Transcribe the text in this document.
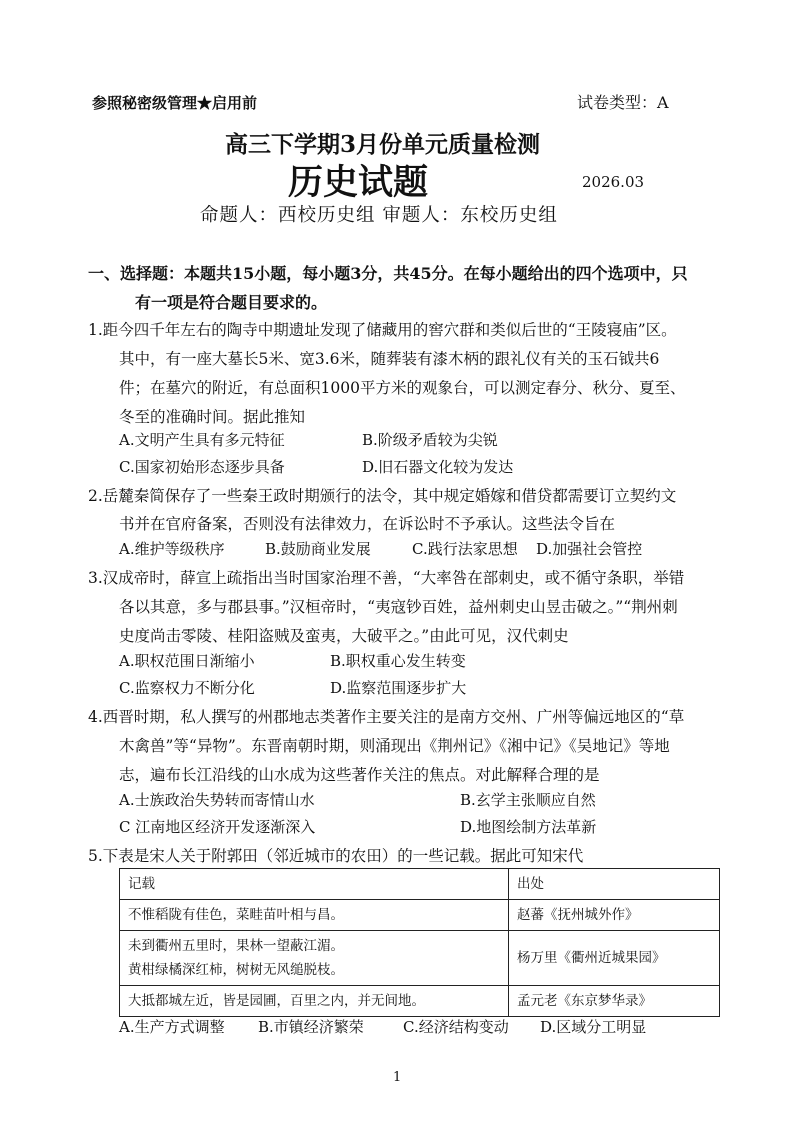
参照秘密级管理★启用前	试卷类型：A
高三下学期3月份单元质量检测
历史试题	2026.03
命题人：西校历史组 审题人：东校历史组
一、选择题：本题共15小题，每小题3分，共45分。在每小题给出的四个选项中，只
有一项是符合题目要求的。
1.距今四千年左右的陶寺中期遗址发现了储藏用的窖穴群和类似后世的“王陵寝庙”区。
其中，有一座大墓长5米、宽3.6米，随葬装有漆木柄的跟礼仪有关的玉石钺共6
件；在墓穴的附近，有总面积1000平方米的观象台，可以测定春分、秋分、夏至、
冬至的准确时间。据此推知
A.文明产生具有多元特征	B.阶级矛盾较为尖锐
C.国家初始形态逐步具备	D.旧石器文化较为发达
2.岳麓秦简保存了一些秦王政时期颁行的法令，其中规定婚嫁和借贷都需要订立契约文
书并在官府备案，否则没有法律效力，在诉讼时不予承认。这些法令旨在
A.维护等级秩序	B.鼓励商业发展	C.践行法家思想 D.加强社会管控
3.汉成帝时，薛宣上疏指出当时国家治理不善，“大率咎在部刺史，或不循守条职，举错
各以其意，多与郡县事。”汉桓帝时，“夷寇钞百姓，益州刺史山昱击破之。”“荆州刺
史度尚击零陵、桂阳盗贼及蛮夷，大破平之。”由此可见，汉代刺史
A.职权范围日渐缩小	B.职权重心发生转变
C.监察权力不断分化	D.监察范围逐步扩大
4.西晋时期，私人撰写的州郡地志类著作主要关注的是南方交州、广州等偏远地区的“草
木禽兽”等“异物”。东晋南朝时期，则涌现出《荆州记》《湘中记》《吴地记》等地
志，遍布长江沿线的山水成为这些著作关注的焦点。对此解释合理的是
A.士族政治失势转而寄情山水	B.玄学主张顺应自然
C 江南地区经济开发逐渐深入	D.地图绘制方法革新
5.下表是宋人关于附郭田（邻近城市的农田）的一些记载。据此可知宋代
记载	出处
不惟稻陇有佳色，菜畦苗叶相与昌。	赵蕃《抚州城外作》

未到衢州五里时，果林一望蔽江湄。
黄柑绿橘深红柿，树树无风缒脱枝。	杨万里《衢州近城果园》
大抵都城左近，皆是园圃，百里之内，并无间地。	孟元老《东京梦华录》
A.生产方式调整 B.市镇经济繁荣	C.经济结构变动 D.区域分工明显
1
